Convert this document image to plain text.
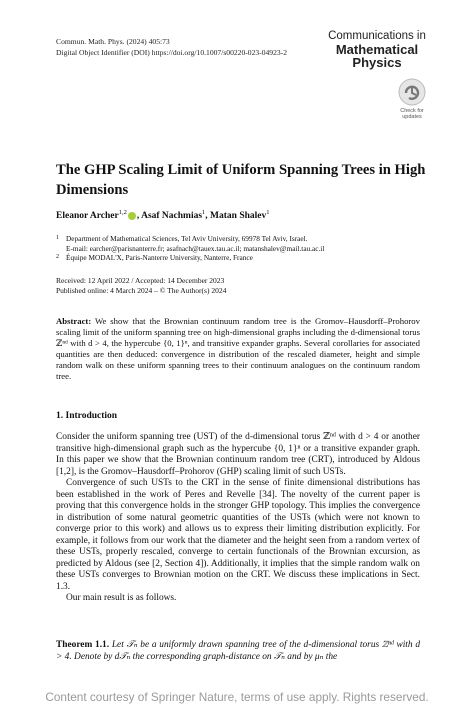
Commun. Math. Phys. (2024) 405:73
Digital Object Identifier (DOI) https://doi.org/10.1007/s00220-023-04923-2
Communications in
Mathematical
Physics
Check for
updates
The GHP Scaling Limit of Uniform Spanning Trees in High Dimensions
Eleanor Archer$^{1,2}$ , Asaf Nachmias$^1$, Matan Shalev$^1$
1 Department of Mathematical Sciences, Tel Aviv University, 69978 Tel Aviv, Israel.
E-mail: earcher@parisnanterre.fr; asafnach@tauex.tau.ac.il; matanshalev@mail.tau.ac.il
2 Équipe MODAL'X, Paris-Nanterre University, Nanterre, France
Received: 12 April 2022 / Accepted: 14 December 2023
Published online: 4 March 2024 – © The Author(s) 2024
Abstract: We show that the Brownian continuum random tree is the Gromov–Hausdorff–Prohorov scaling limit of the uniform spanning tree on high-dimensional graphs including the d-dimensional torus ℤⁿᵈ with d > 4, the hypercube {0, 1}ⁿ, and transitive expander graphs. Several corollaries for associated quantities are then deduced: convergence in distribution of the rescaled diameter, height and simple random walk on these uniform spanning trees to their continuum analogues on the continuum random tree.
1. Introduction

Consider the uniform spanning tree (UST) of the d-dimensional torus ℤⁿᵈ with d > 4 or another transitive high-dimensional graph such as the hypercube {0, 1}ⁿ or a transitive expander graph. In this paper we show that the Brownian continuum random tree (CRT), introduced by Aldous [1,2], is the Gromov–Hausdorff–Prohorov (GHP) scaling limit of such USTs.

Convergence of such USTs to the CRT in the sense of finite dimensional distributions has been established in the work of Peres and Revelle [34]. The novelty of the current paper is proving that this convergence holds in the stronger GHP topology. This implies the convergence in distribution of some natural geometric quantities of the USTs (which were not known to converge prior to this work) and allows us to express their limiting distribution explicitly. For example, it follows from our work that the diameter and the height seen from a random vertex of these USTs, properly rescaled, converge to certain functionals of the Brownian excursion, as predicted by Aldous (see [2, Section 4]). Additionally, it implies that the simple random walk on these USTs converges to Brownian motion on the CRT. We discuss these implications in Sect. 1.3.

Our main result is as follows.

Theorem 1.1. Let 𝒯ₙ be a uniformly drawn spanning tree of the d-dimensional torus ℤⁿᵈ with d > 4. Denote by d𝒯ₙ the corresponding graph-distance on 𝒯ₙ and by μₙ the
Content courtesy of Springer Nature, terms of use apply. Rights reserved.
